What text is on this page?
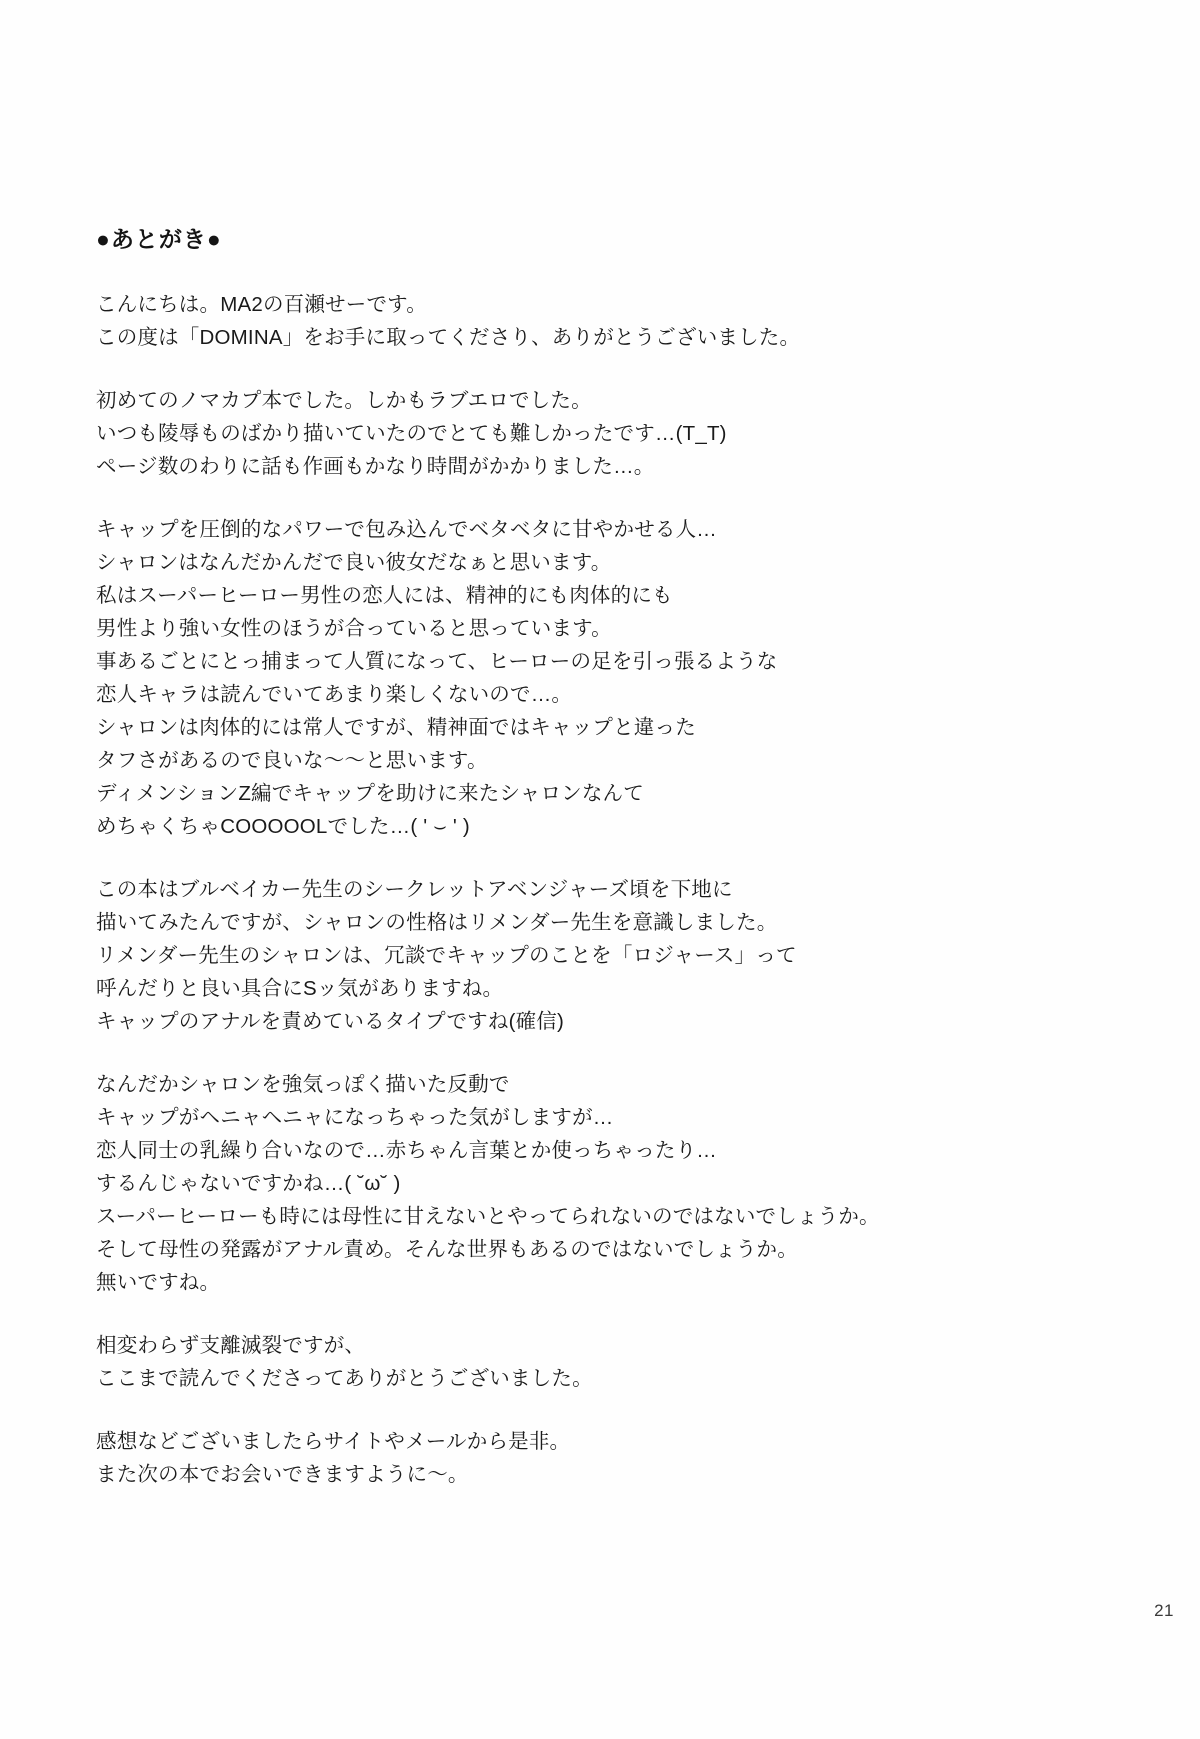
●あとがき●
こんにちは。MA2の百瀬せーです。
この度は「DOMINA」をお手に取ってくださり、ありがとうございました。
初めてのノマカプ本でした。しかもラブエロでした。
いつも陵辱ものばかり描いていたのでとても難しかったです…(T_T)
ページ数のわりに話も作画もかなり時間がかかりました…。
キャップを圧倒的なパワーで包み込んでベタベタに甘やかせる人…
シャロンはなんだかんだで良い彼女だなぁと思います。
私はスーパーヒーロー男性の恋人には、精神的にも肉体的にも
男性より強い女性のほうが合っていると思っています。
事あるごとにとっ捕まって人質になって、ヒーローの足を引っ張るような
恋人キャラは読んでいてあまり楽しくないので…。
シャロンは肉体的には常人ですが、精神面ではキャップと違った
タフさがあるので良いな〜〜と思います。
ディメンションZ編でキャップを助けに来たシャロンなんて
めちゃくちゃCOOOOOLでした…( ' ⌣ ' )
この本はブルベイカー先生のシークレットアベンジャーズ頃を下地に
描いてみたんですが、シャロンの性格はリメンダー先生を意識しました。
リメンダー先生のシャロンは、冗談でキャップのことを「ロジャース」って
呼んだりと良い具合にSッ気がありますね。
キャップのアナルを責めているタイプですね(確信)
なんだかシャロンを強気っぽく描いた反動で
キャップがヘニャヘニャになっちゃった気がしますが…
恋人同士の乳繰り合いなので…赤ちゃん言葉とか使っちゃったり…
するんじゃないですかね…( ˘ω˘ )
スーパーヒーローも時には母性に甘えないとやってられないのではないでしょうか。
そして母性の発露がアナル責め。そんな世界もあるのではないでしょうか。
無いですね。
相変わらず支離滅裂ですが、
ここまで読んでくださってありがとうございました。
感想などございましたらサイトやメールから是非。
また次の本でお会いできますように〜。
21
